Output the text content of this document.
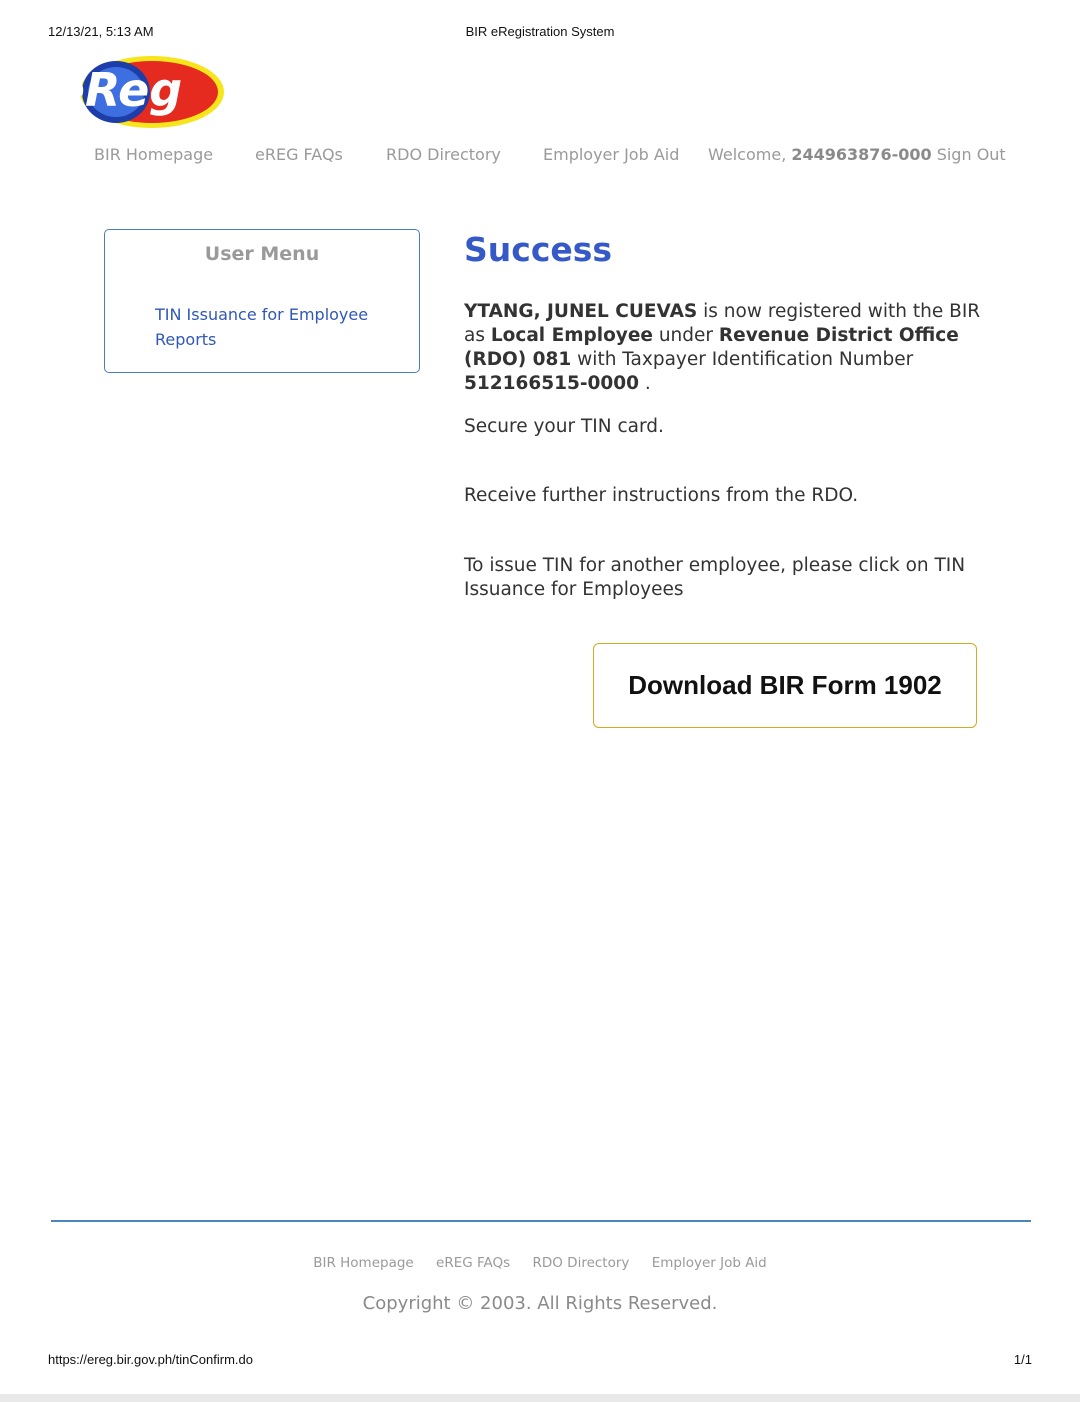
12/13/21, 5:13 AM	BIR eRegistration System
eReg
BIR Homepage	eREG FAQs	RDO Directory	Employer Job Aid Welcome, 244963876-000 Sign Out
User Menu
TIN Issuance for Employee Reports
Success
YTANG, JUNEL CUEVAS is now registered with the BIR as Local Employee under Revenue District Office (RDO) 081 with Taxpayer Identification Number 512166515-0000 .
Secure your TIN card.
Receive further instructions from the RDO.
To issue TIN for another employee, please click on TIN Issuance for Employees
Download BIR Form 1902
BIR Homepage eREG FAQs RDO Directory Employer Job Aid
Copyright © 2003. All Rights Reserved.
https://ereg.bir.gov.ph/tinConfirm.do	1/1
